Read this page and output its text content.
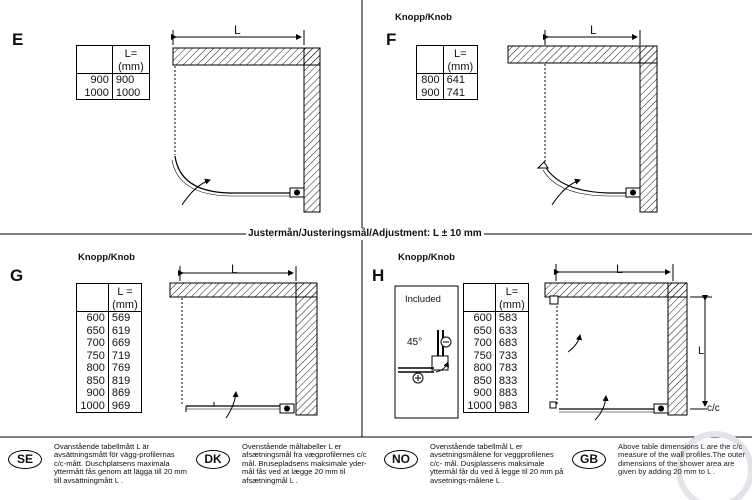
E	L
	L=
(mm)
900	900
1000	1000
Knopp/Knob
F	L
	L=
(mm)
800	641
900	741
Justermån/Justeringsmål/Adjustment: L ± 10 mm
Knopp/Knob
G	L
	L =
(mm)
600	569
650	619
700	669
750	719
800	769
850	819
900	869
1000	969
Knopp/Knob
H	L
L
c/c
Included
45°
	L=
(mm)
600	583
650	633
700	683
750	733
800	783
850	833
900	883
1000	983
SE
Ovanstående tabellmått L är avsättningsmått för vägg-profilernas c/c-mått. Duschplatsens maximala yttermått fås genom att lägga till 20 mm till avsättningmått L .
DK
Ovenstående måltabeller L er afsætningsmål fra vægprofilernes c/c mål. Brusepladsens maksimale yder- mål fås ved at lægge 20 mm til afsætningmål L .
NO
Ovenstående tabellmål L er avsetningsmålene for veggprofilenes c/c- mål. Dusjplassens maksimale yttermål får du ved å legge til 20 mm på avsetnings-målene L .
GB
Above table dimensions L are the c/c measure of the wall profiles.The outer dimensions of the shower area are given by adding 20 mm to L .
